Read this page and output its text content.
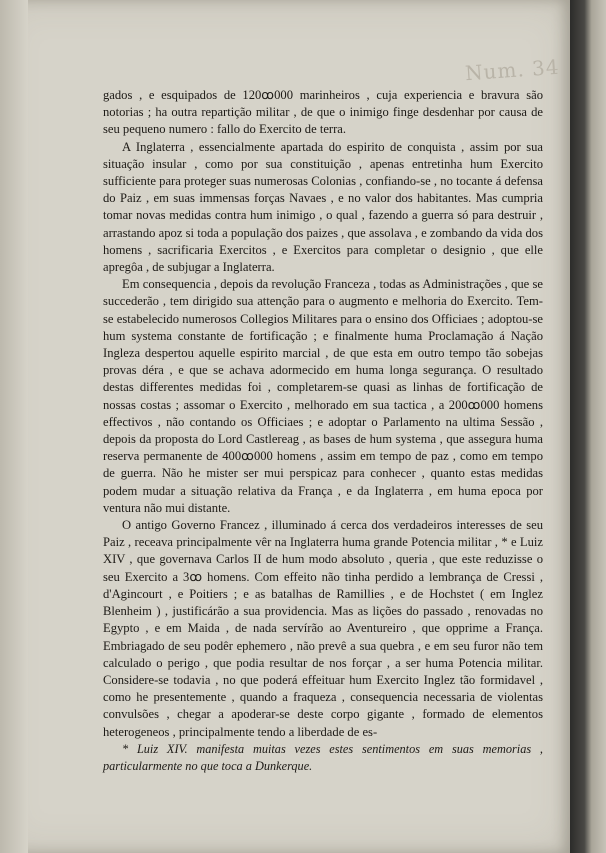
Num. 34

gados , e esquipados de 120ꝏ000 marinheiros , cuja experiencia e bravura são notorias ; ha outra repartição militar , de que o inimigo finge desdenhar por causa de seu pequeno numero : fallo do Exercito de terra.

A Inglaterra , essencialmente apartada do espirito de conquista , assim por sua situação insular , como por sua constituição , apenas entretinha hum Exercito sufficiente para proteger suas numerosas Colonias , confiando-se , no tocante á defensa do Paiz , em suas immensas forças Navaes , e no valor dos habitantes. Mas cumpria tomar novas medidas contra hum inimigo , o qual , fazendo a guerra só para destruir , arrastando apoz si toda a população dos paizes , que assolava , e zombando da vida dos homens , sacrificaria Exercitos , e Exercitos para completar o designio , que elle apregôa , de subjugar a Inglaterra.

Em consequencia , depois da revolução Franceza , todas as Administrações , que se succederão , tem dirigido sua attenção para o augmento e melhoria do Exercito. Tem-se estabelecido numerosos Collegios Militares para o ensino dos Officiaes ; adoptou-se hum systema constante de fortificação ; e finalmente huma Proclamação á Nação Ingleza despertou aquelle espirito marcial , de que esta em outro tempo tão sobejas provas déra , e que se achava adormecido em huma longa segurança. O resultado destas differentes medidas foi , completarem-se quasi as linhas de fortificação de nossas costas ; assomar o Exercito , melhorado em sua tactica , a 200ꝏ000 homens effectivos , não contando os Officiaes ; e adoptar o Parlamento na ultima Sessão , depois da proposta do Lord Castlereag , as bases de hum systema , que assegura huma reserva permanente de 400ꝏ000 homens , assim em tempo de paz , como em tempo de guerra. Não he mister ser mui perspicaz para conhecer , quanto estas medidas podem mudar a situação relativa da França , e da Inglaterra , em huma epoca por ventura não mui distante.

O antigo Governo Francez , illuminado á cerca dos verdadeiros interesses de seu Paiz , receava principalmente vêr na Inglaterra huma grande Potencia militar , * e Luiz XIV , que governava Carlos II de hum modo absoluto , queria , que este reduzisse o seu Exercito a 3ꝏ homens. Com effeito não tinha perdido a lembrança de Cressi , d'Agincourt , e Poitiers ; e as batalhas de Ramillies , e de Hochstet ( em Inglez Blenheim ) , justificárão a sua providencia. Mas as lições do passado , renovadas no Egypto , e em Maida , de nada servírão ao Aventureiro , que opprime a França. Embriagado de seu podêr ephemero , não prevê a sua quebra , e em seu furor não tem calculado o perigo , que podia resultar de nos forçar , a ser huma Potencia militar. Considere-se todavia , no que poderá effeituar hum Exercito Inglez tão formidavel , como he presentemente , quando a fraqueza , consequencia necessaria de violentas convulsões , chegar a apoderar-se deste corpo gigante , formado de elementos heterogeneos , principalmente tendo a liberdade de es-

* Luiz XIV. manifesta muitas vezes estes sentimentos em suas memorias , particularmente no que toca a Dunkerque.
